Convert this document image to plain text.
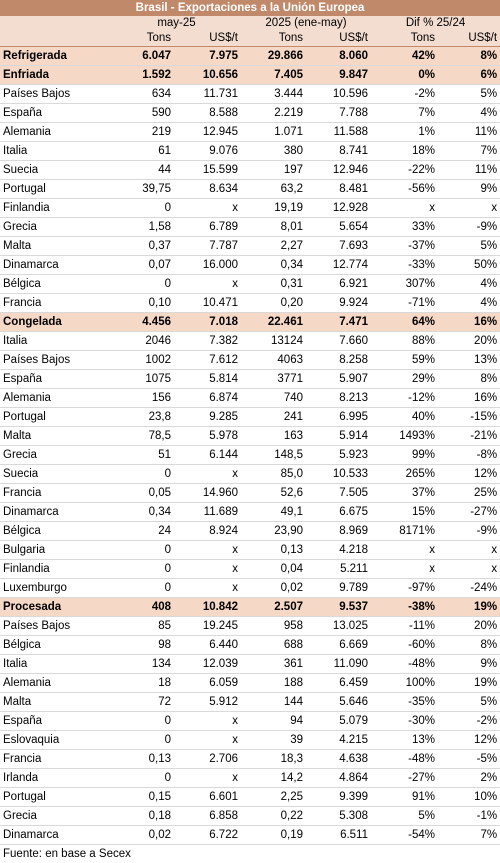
Brasil - Exportaciones a la Unión Europea						
	may-25		2025 (ene-may)		Dif % 25/24	
	Tons	US$/t	Tons	US$/t	Tons	US$/t
Refrigerada	6.047	7.975	29.866	8.060	42%	8%
Enfriada	1.592	10.656	7.405	9.847	0%	6%
Países Bajos	634	11.731	3.444	10.596	-2%	5%
España	590	8.588	2.219	7.788	7%	4%
Alemania	219	12.945	1.071	11.588	1%	11%
Italia	61	9.076	380	8.741	18%	7%
Suecia	44	15.599	197	12.946	-22%	11%
Portugal	39,75	8.634	63,2	8.481	-56%	9%
Finlandia	0	x	19,19	12.928	x	x
Grecia	1,58	6.789	8,01	5.654	33%	-9%
Malta	0,37	7.787	2,27	7.693	-37%	5%
Dinamarca	0,07	16.000	0,34	12.774	-33%	50%
Bélgica	0	x	0,31	6.921	307%	4%
Francia	0,10	10.471	0,20	9.924	-71%	4%
Congelada	4.456	7.018	22.461	7.471	64%	16%
Italia	2046	7.382	13124	7.660	88%	20%
Países Bajos	1002	7.612	4063	8.258	59%	13%
España	1075	5.814	3771	5.907	29%	8%
Alemania	156	6.874	740	8.213	-12%	16%
Portugal	23,8	9.285	241	6.995	40%	-15%
Malta	78,5	5.978	163	5.914	1493%	-21%
Grecia	51	6.144	148,5	5.923	99%	-8%
Suecia	0	x	85,0	10.533	265%	12%
Francia	0,05	14.960	52,6	7.505	37%	25%
Dinamarca	0,34	11.689	49,1	6.675	15%	-27%
Bélgica	24	8.924	23,90	8.969	8171%	-9%
Bulgaria	0	x	0,13	4.218	x	x
Finlandia	0	x	0,04	5.211	x	x
Luxemburgo	0	x	0,02	9.789	-97%	-24%
Procesada	408	10.842	2.507	9.537	-38%	19%
Países Bajos	85	19.245	958	13.025	-11%	20%
Bélgica	98	6.440	688	6.669	-60%	8%
Italia	134	12.039	361	11.090	-48%	9%
Alemania	18	6.059	188	6.459	100%	19%
Malta	72	5.912	144	5.646	-35%	5%
España	0	x	94	5.079	-30%	-2%
Eslovaquia	0	x	39	4.215	13%	12%
Francia	0,13	2.706	18,3	4.638	-48%	-5%
Irlanda	0	x	14,2	4.864	-27%	2%
Portugal	0,15	6.601	2,25	9.399	91%	10%
Grecia	0,18	6.858	0,22	5.308	5%	-1%
Dinamarca	0,02	6.722	0,19	6.511	-54%	7%
Fuente: en base a Secex
